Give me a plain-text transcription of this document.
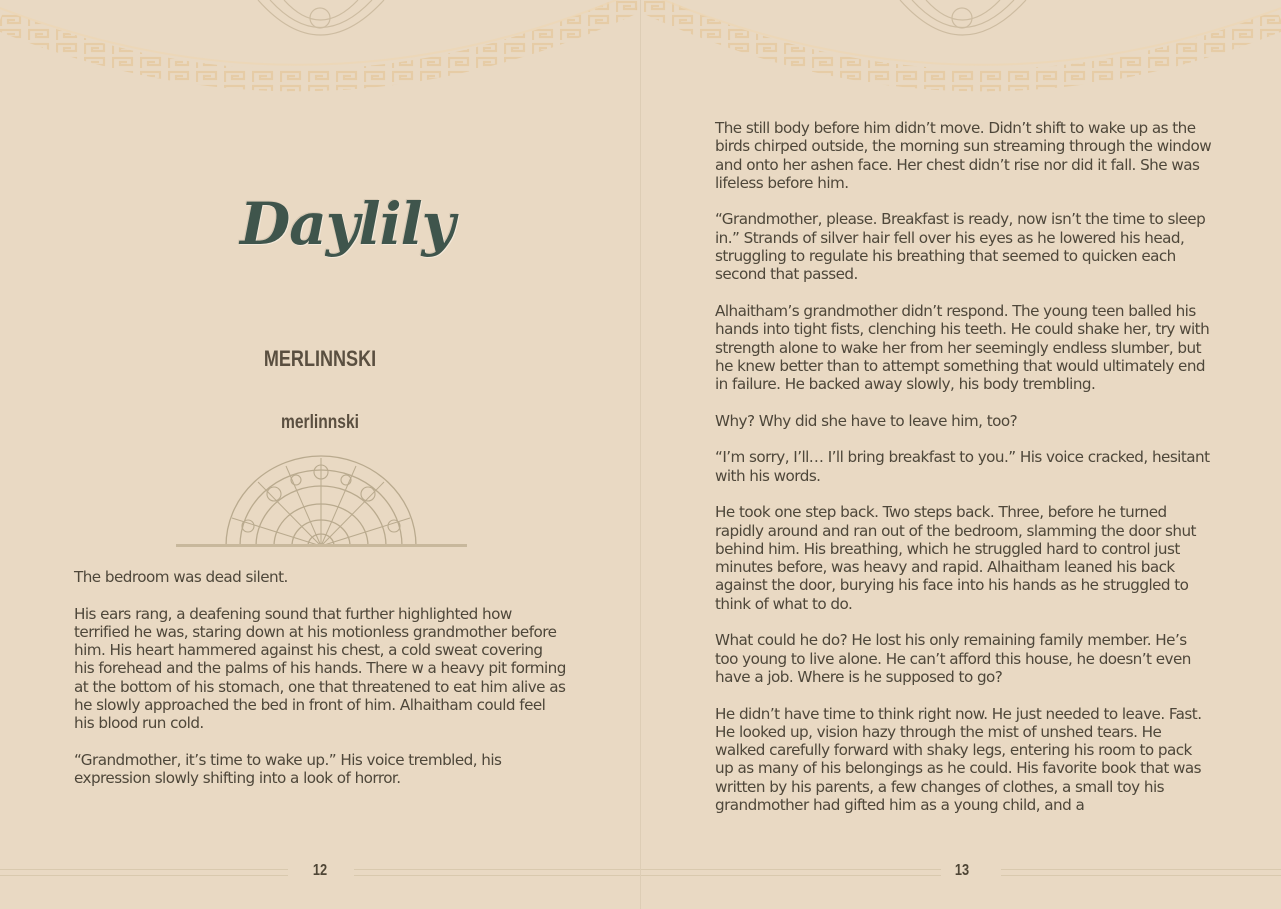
Daylily
MERLINNSKI
merlinnski

The bedroom was dead silent.

His ears rang, a deafening sound that further highlighted how terrified he was, staring down at his motionless grandmother before him. His heart hammered against his chest, a cold sweat covering his forehead and the palms of his hands. There w a heavy pit forming at the bottom of his stomach, one that threatened to eat him alive as he slowly approached the bed in front of him. Alhaitham could feel his blood run cold.

“Grandmother, it’s time to wake up.” His voice trembled, his expression slowly shifting into a look of horror.

The still body before him didn’t move. Didn’t shift to wake up as the birds chirped outside, the morning sun streaming through the window and onto her ashen face. Her chest didn’t rise nor did it fall. She was lifeless before him.

“Grandmother, please. Breakfast is ready, now isn’t the time to sleep in.” Strands of silver hair fell over his eyes as he lowered his head, struggling to regulate his breathing that seemed to quicken each second that passed.

Alhaitham’s grandmother didn’t respond. The young teen balled his hands into tight fists, clenching his teeth. He could shake her, try with strength alone to wake her from her seemingly endless slumber, but he knew better than to attempt something that would ultimately end in failure. He backed away slowly, his body trembling.

Why? Why did she have to leave him, too?

“I’m sorry, I’ll… I’ll bring breakfast to you.” His voice cracked, hesitant with his words.

He took one step back. Two steps back. Three, before he turned rapidly around and ran out of the bedroom, slamming the door shut behind him. His breathing, which he struggled hard to control just minutes before, was heavy and rapid. Alhaitham leaned his back against the door, burying his face into his hands as he struggled to think of what to do.

What could he do? He lost his only remaining family member. He’s too young to live alone. He can’t afford this house, he doesn’t even have a job. Where is he supposed to go?

He didn’t have time to think right now. He just needed to leave. Fast. He looked up, vision hazy through the mist of unshed tears. He walked carefully forward with shaky legs, entering his room to pack up as many of his belongings as he could. His favorite book that was written by his parents, a few changes of clothes, a small toy his grandmother had gifted him as a young child, and a

12	13
